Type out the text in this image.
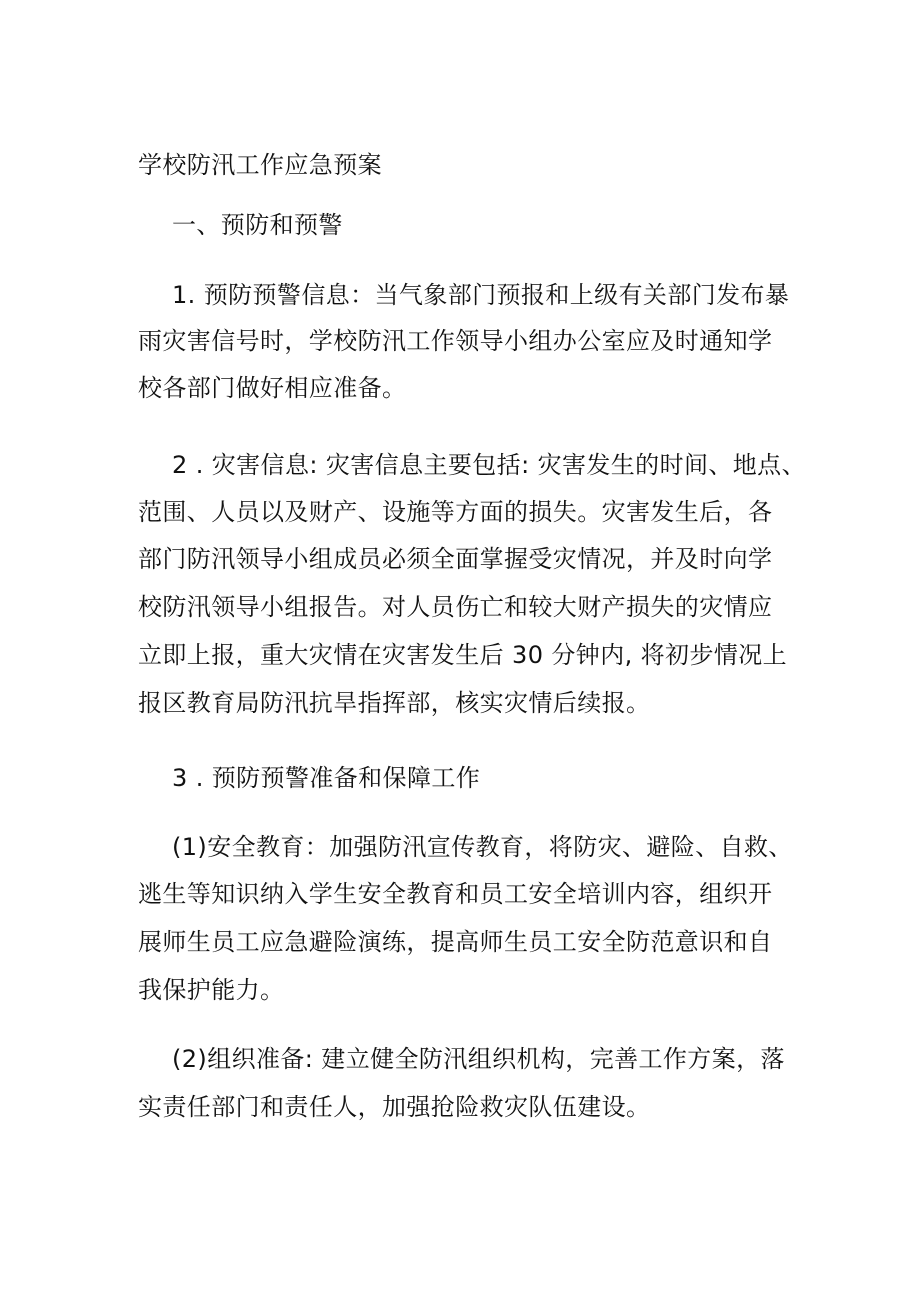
学校防汛工作应急预案
一、预防和预警
1. 预防预警信息：当气象部门预报和上级有关部门发布暴
雨灾害信号时，学校防汛工作领导小组办公室应及时通知学
校各部门做好相应准备。
2 . 灾害信息: 灾害信息主要包括: 灾害发生的时间、地点、
范围、人员以及财产、设施等方面的损失。灾害发生后，各
部门防汛领导小组成员必须全面掌握受灾情况，并及时向学
校防汛领导小组报告。对人员伤亡和较大财产损失的灾情应
立即上报，重大灾情在灾害发生后 30 分钟内, 将初步情况上
报区教育局防汛抗旱指挥部，核实灾情后续报。
3 . 预防预警准备和保障工作
(1)安全教育：加强防汛宣传教育，将防灾、避险、自救、
逃生等知识纳入学生安全教育和员工安全培训内容，组织开
展师生员工应急避险演练，提高师生员工安全防范意识和自
我保护能力。
(2)组织准备: 建立健全防汛组织机构，完善工作方案，落
实责任部门和责任人，加强抢险救灾队伍建设。
